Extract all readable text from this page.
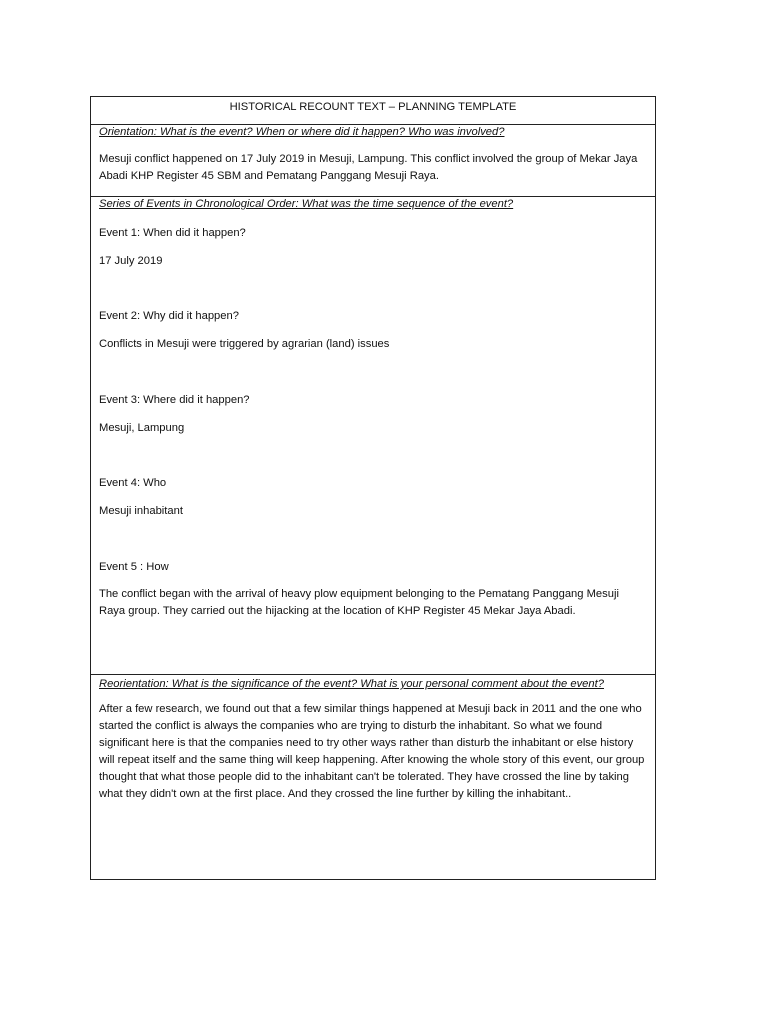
HISTORICAL RECOUNT TEXT – PLANNING TEMPLATE
Orientation: What is the event? When or where did it happen? Who was involved?
Mesuji conflict happened on 17 July 2019 in Mesuji, Lampung. This conflict involved the group of Mekar Jaya Abadi KHP Register 45 SBM and Pematang Panggang Mesuji Raya.
Series of Events in Chronological Order: What was the time sequence of the event?
Event 1: When did it happen?
17 July 2019
Event 2: Why did it happen?
Conflicts in Mesuji were triggered by agrarian (land) issues
Event 3: Where did it happen?
Mesuji, Lampung
Event 4: Who
Mesuji inhabitant
Event 5 : How
The conflict began with the arrival of heavy plow equipment belonging to the Pematang Panggang Mesuji Raya group. They carried out the hijacking at the location of KHP Register 45 Mekar Jaya Abadi.
Reorientation: What is the significance of the event? What is your personal comment about the event?
After a few research, we found out that a few similar things happened at Mesuji back in 2011 and the one who started the conflict is always the companies who are trying to disturb the inhabitant. So what we found significant here is that the companies need to try other ways rather than disturb the inhabitant or else history will repeat itself and the same thing will keep happening. After knowing the whole story of this event, our group thought that what those people did to the inhabitant can't be tolerated. They have crossed the line by taking what they didn't own at the first place. And they crossed the line further by killing the inhabitant..
